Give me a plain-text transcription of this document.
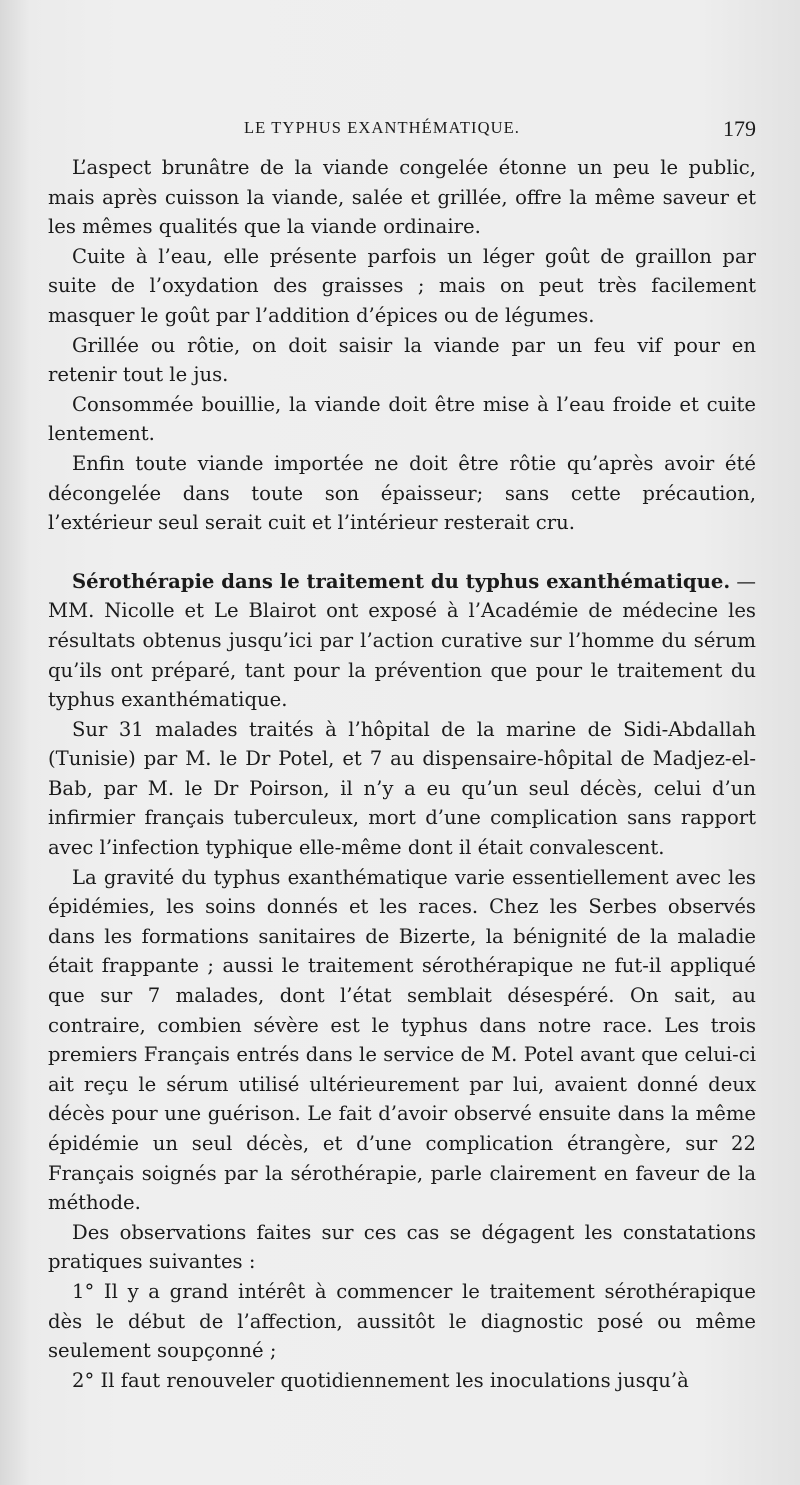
LE TYPHUS EXANTHÉMATIQUE.	179

L’aspect brunâtre de la viande congelée étonne un peu le public, mais après cuisson la viande, salée et grillée, offre la même saveur et les mêmes qualités que la viande ordinaire.

Cuite à l’eau, elle présente parfois un léger goût de graillon par suite de l’oxydation des graisses ; mais on peut très facilement masquer le goût par l’addition d’épices ou de légumes.

Grillée ou rôtie, on doit saisir la viande par un feu vif pour en retenir tout le jus.

Consommée bouillie, la viande doit être mise à l’eau froide et cuite lentement.

Enfin toute viande importée ne doit être rôtie qu’après avoir été décongelée dans toute son épaisseur; sans cette précaution, l’extérieur seul serait cuit et l’intérieur resterait cru.

Sérothérapie dans le traitement du typhus exanthématique. — MM. Nicolle et Le Blairot ont exposé à l’Académie de médecine les résultats obtenus jusqu’ici par l’action curative sur l’homme du sérum qu’ils ont préparé, tant pour la prévention que pour le traitement du typhus exanthématique.

Sur 31 malades traités à l’hôpital de la marine de Sidi-Abdallah (Tunisie) par M. le Dr Potel, et 7 au dispensaire-hôpital de Madjez-el-Bab, par M. le Dr Poirson, il n’y a eu qu’un seul décès, celui d’un infirmier français tuberculeux, mort d’une complication sans rapport avec l’infection typhique elle-même dont il était convalescent.

La gravité du typhus exanthématique varie essentiellement avec les épidémies, les soins donnés et les races. Chez les Serbes observés dans les formations sanitaires de Bizerte, la bénignité de la maladie était frappante ; aussi le traitement sérothérapique ne fut-il appliqué que sur 7 malades, dont l’état semblait désespéré. On sait, au contraire, combien sévère est le typhus dans notre race. Les trois premiers Français entrés dans le service de M. Potel avant que celui-ci ait reçu le sérum utilisé ultérieurement par lui, avaient donné deux décès pour une guérison. Le fait d’avoir observé ensuite dans la même épidémie un seul décès, et d’une complication étrangère, sur 22 Français soignés par la sérothérapie, parle clairement en faveur de la méthode.

Des observations faites sur ces cas se dégagent les constatations pratiques suivantes :

1° Il y a grand intérêt à commencer le traitement sérothérapique dès le début de l’affection, aussitôt le diagnostic posé ou même seulement soupçonné ;

2° Il faut renouveler quotidiennement les inoculations jusqu’à
